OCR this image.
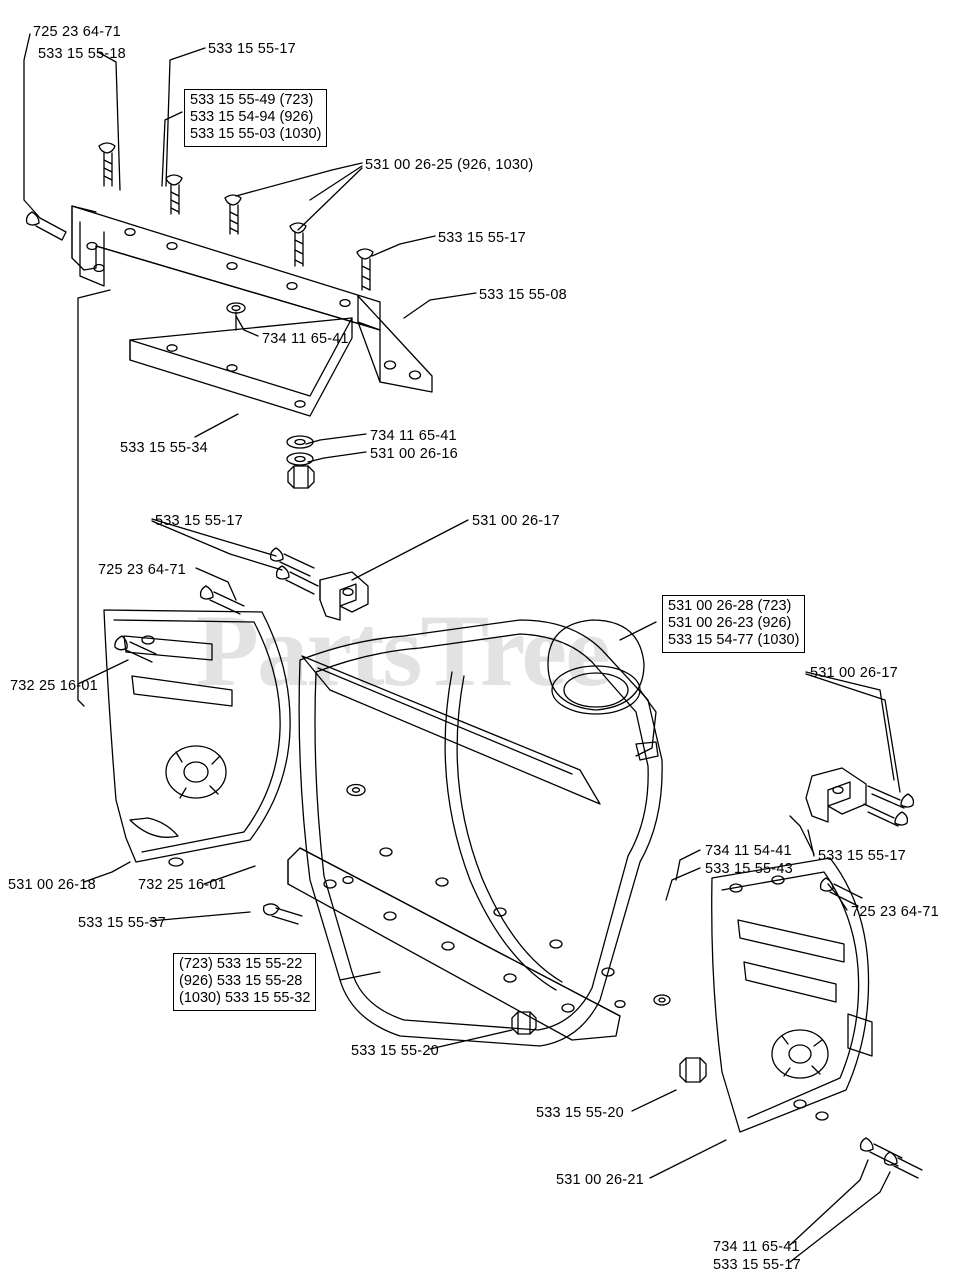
PartsTree
725 23 64-71
533 15 55-18	533 15 55-17
531 00 26-25 (926, 1030)
533 15 55-17
533 15 55-08
734 11 65-41
533 15 55-34
734 11 65-41
531 00 26-16
533 15 55-17	531 00 26-17
725 23 64-71
732 25 16-01
531 00 26-17
531 00 26-18	732 25 16-01
533 15 55-37
734 11 54-41
533 15 55-43
533 15 55-17
725 23 64-71
533 15 55-20
533 15 55-20
531 00 26-21
734 11 65-41
533 15 55-17
533 15 55-49 (723)
533 15 54-94 (926)
533 15 55-03 (1030)
531 00 26-28 (723)
531 00 26-23 (926)
533 15 54-77 (1030)
(723) 533 15 55-22
(926) 533 15 55-28
(1030) 533 15 55-32
